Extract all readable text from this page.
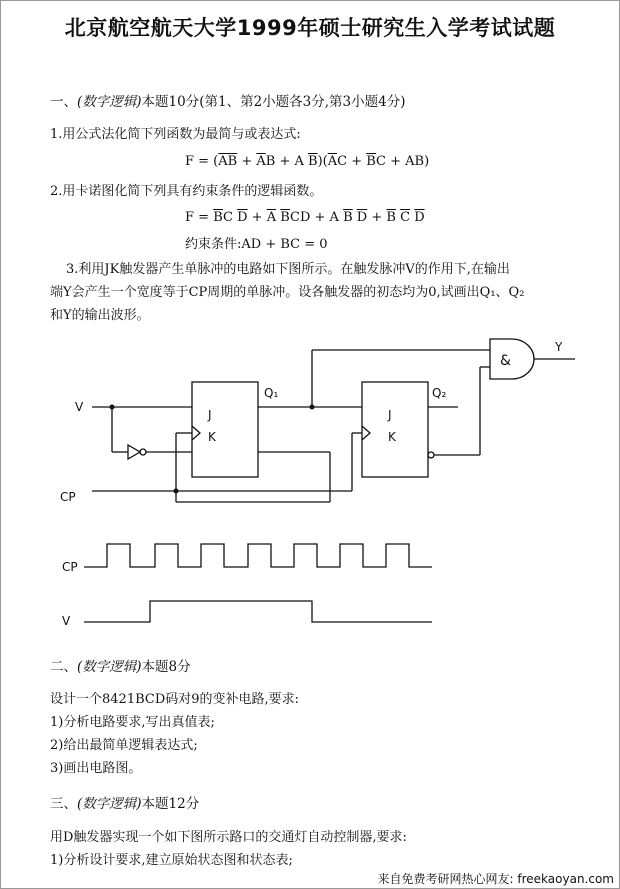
北京航空航天大学1999年硕士研究生入学考试试题
一、(数字逻辑)本题10分(第1、第2小题各3分,第3小题4分)
1.用公式法化简下列函数为最简与或表达式:
$F = (\overline{A}\overline{B} + \overline{A}B + A$ $\overline{B})(\overline{A}C + \overline{B}C + AB)$
2.用卡诺图化简下列具有约束条件的逻辑函数。
$F = \overline{B}C$ $\overline{D} + \overline{A}$ $\overline{B}CD + A$ $\overline{B}$ $\overline{D} + \overline{B}$ $\overline{C}$ $\overline{D}$
约束条件:AD + BC = 0
3.利用JK触发器产生单脉冲的电路如下图所示。在触发脉冲V的作用下,在输出
端Y会产生一个宽度等于CP周期的单脉冲。设各触发器的初态均为0,试画出Q₁、Q₂
和Y的输出波形。
V
CP
J
K
J
K
Q₁	Q₂
&
Y
CP
V
二、(数字逻辑)本题8分
设计一个8421BCD码对9的变补电路,要求:
1)分析电路要求,写出真值表;
2)给出最简单逻辑表达式;
3)画出电路图。
三、(数字逻辑)本题12分
用D触发器实现一个如下图所示路口的交通灯自动控制器,要求:
1)分析设计要求,建立原始状态图和状态表;
来自免费考研网热心网友: freekaoyan.com
